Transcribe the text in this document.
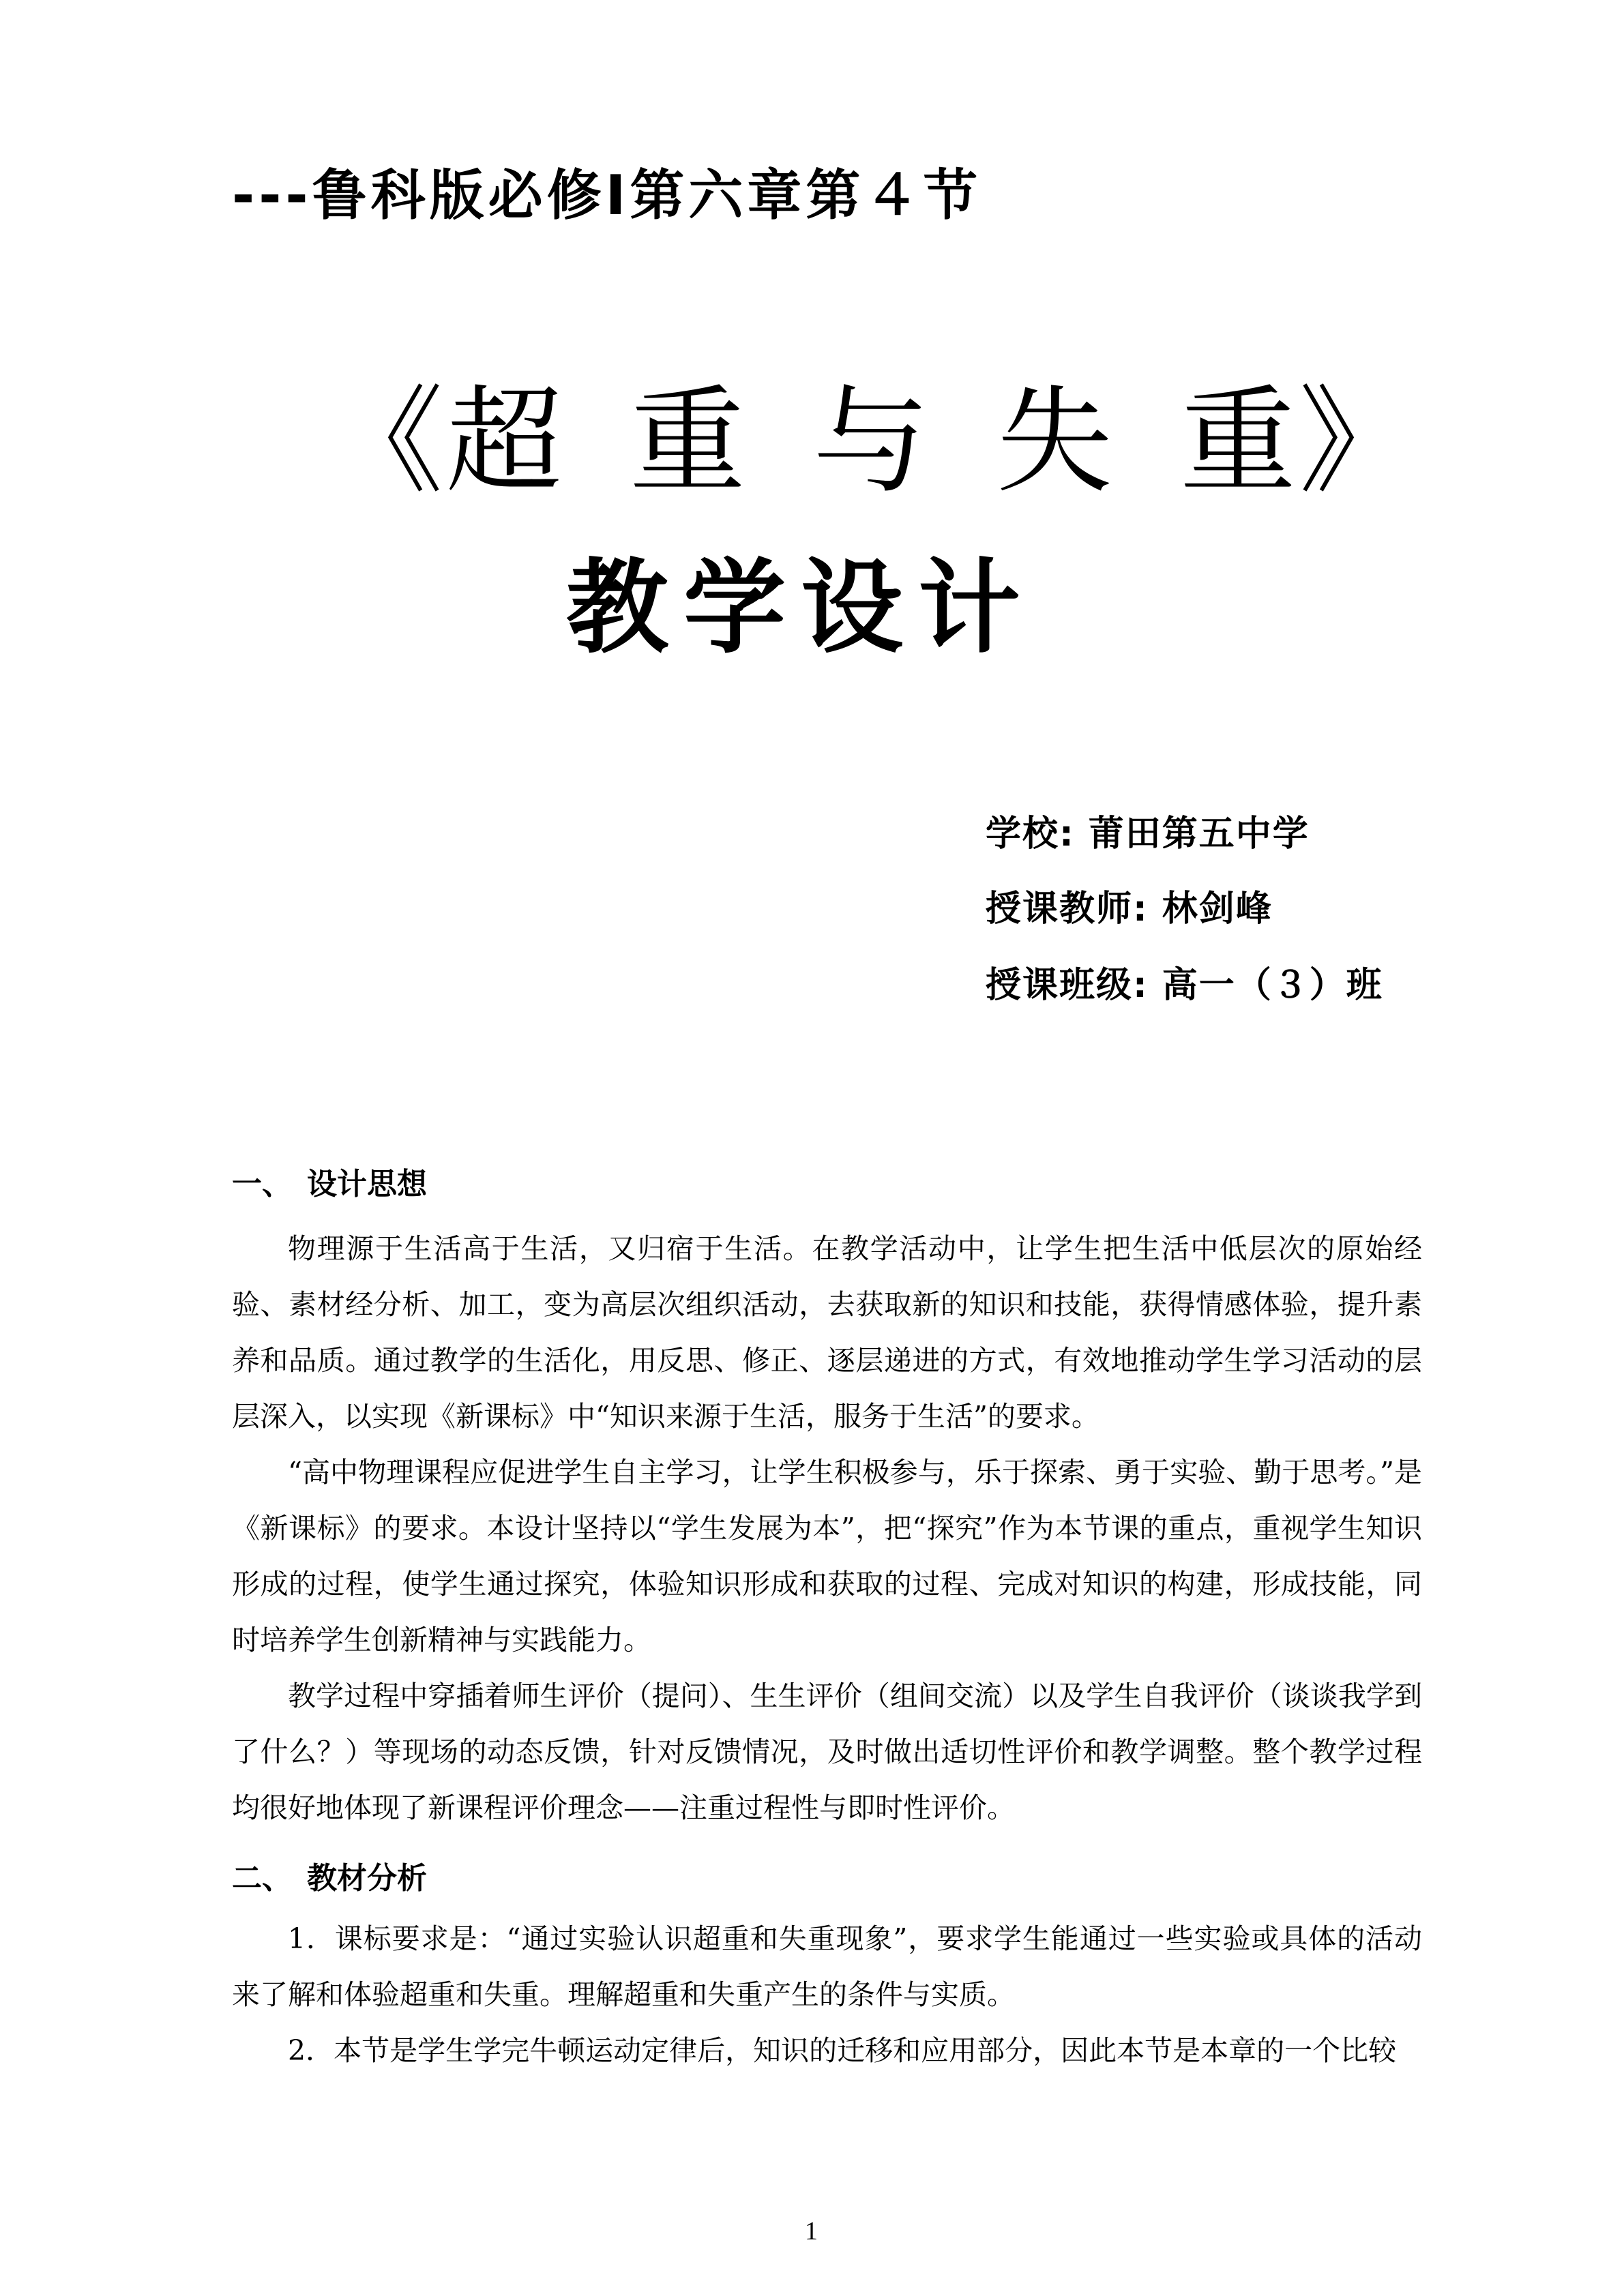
---鲁科版必修Ⅰ第六章第４节
《超 重 与 失 重》
教学设计
学校: 莆田第五中学
授课教师: 林剑峰
授课班级: 高一（３）班
一、 设计思想

物理源于生活高于生活，又归宿于生活。在教学活动中，让学生把生活中低层次的原始经验、素材经分析、加工，变为高层次组织活动，去获取新的知识和技能，获得情感体验，提升素养和品质。通过教学的生活化，用反思、修正、逐层递进的方式，有效地推动学生学习活动的层层深入，以实现《新课标》中“知识来源于生活，服务于生活”的要求。

“高中物理课程应促进学生自主学习，让学生积极参与，乐于探索、勇于实验、勤于思考。”是《新课标》的要求。本设计坚持以“学生发展为本”，把“探究”作为本节课的重点，重视学生知识形成的过程，使学生通过探究，体验知识形成和获取的过程、完成对知识的构建，形成技能，同时培养学生创新精神与实践能力。

教学过程中穿插着师生评价（提问）、生生评价（组间交流）以及学生自我评价（谈谈我学到了什么？）等现场的动态反馈，针对反馈情况，及时做出适切性评价和教学调整。整个教学过程均很好地体现了新课程评价理念——注重过程性与即时性评价。

二、 教材分析

1．课标要求是：“通过实验认识超重和失重现象”，要求学生能通过一些实验或具体的活动来了解和体验超重和失重。理解超重和失重产生的条件与实质。

2．本节是学生学完牛顿运动定律后，知识的迁移和应用部分，因此本节是本章的一个比较

1
